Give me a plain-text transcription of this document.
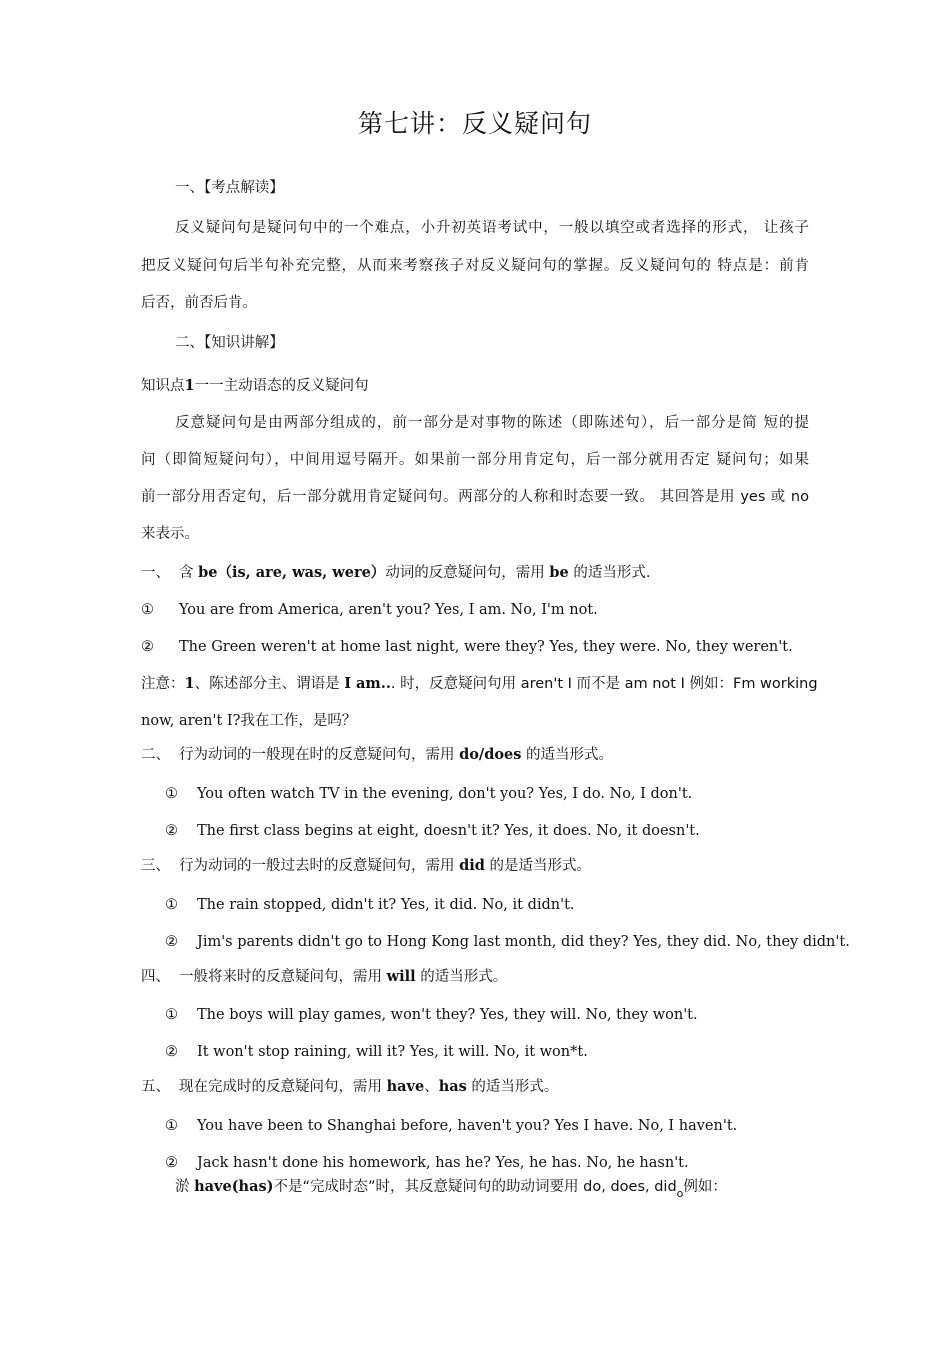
第七讲：反义疑问句
一、【考点解读】
反义疑问句是疑问句中的一个难点，小升初英语考试中，一般以填空或者选择的形式， 让孩子
把反义疑问句后半句补充完整，从而来考察孩子对反义疑问句的掌握。反义疑问句的 特点是：前肯
后否，前否后肯。
二、【知识讲解】
知识点1一一主动语态的反义疑问句
反意疑问句是由两部分组成的，前一部分是对事物的陈述（即陈述句），后一部分是简 短的提
问（即简短疑问句），中间用逗号隔开。如果前一部分用肯定句，后一部分就用否定 疑问句；如果
前一部分用否定句，后一部分就用肯定疑问句。两部分的人称和时态要一致。 其回答是用 yes 或 no
来表示。
一、 含 be（is, are, was, were）动词的反意疑问句，需用 be 的适当形式.
① You are from America, aren't you? Yes, I am. No, I'm not.
② The Green weren't at home last night, were they? Yes, they were. No, they weren't.
注意：1、陈述部分主、谓语是 I am... 时，反意疑问句用 aren't I 而不是 am not I 例如：Fm working
now, aren't I?我在工作，是吗？
二、 行为动词的一般现在时的反意疑问句，需用 do/does 的适当形式。
① You often watch TV in the evening, don't you? Yes, I do. No, I don't.
② The first class begins at eight, doesn't it? Yes, it does. No, it doesn't.
三、 行为动词的一般过去时的反意疑问句，需用 did 的是适当形式。
① The rain stopped, didn't it? Yes, it did. No, it didn't.
② Jim's parents didn't go to Hong Kong last month, did they? Yes, they did. No, they didn't.
四、 一般将来时的反意疑问句，需用 will 的适当形式。
① The boys will play games, won't they? Yes, they will. No, they won't.
② It won't stop raining, will it? Yes, it will. No, it won*t.
五、 现在完成时的反意疑问句，需用 have、has 的适当形式。
① You have been to Shanghai before, haven't you? Yes I have. No, I haven't.
② Jack hasn't done his homework, has he? Yes, he has. No, he hasn't.
淤 have(has)不是“完成时态”时，其反意疑问句的助动词要用 do, does, did$_o$例如：
